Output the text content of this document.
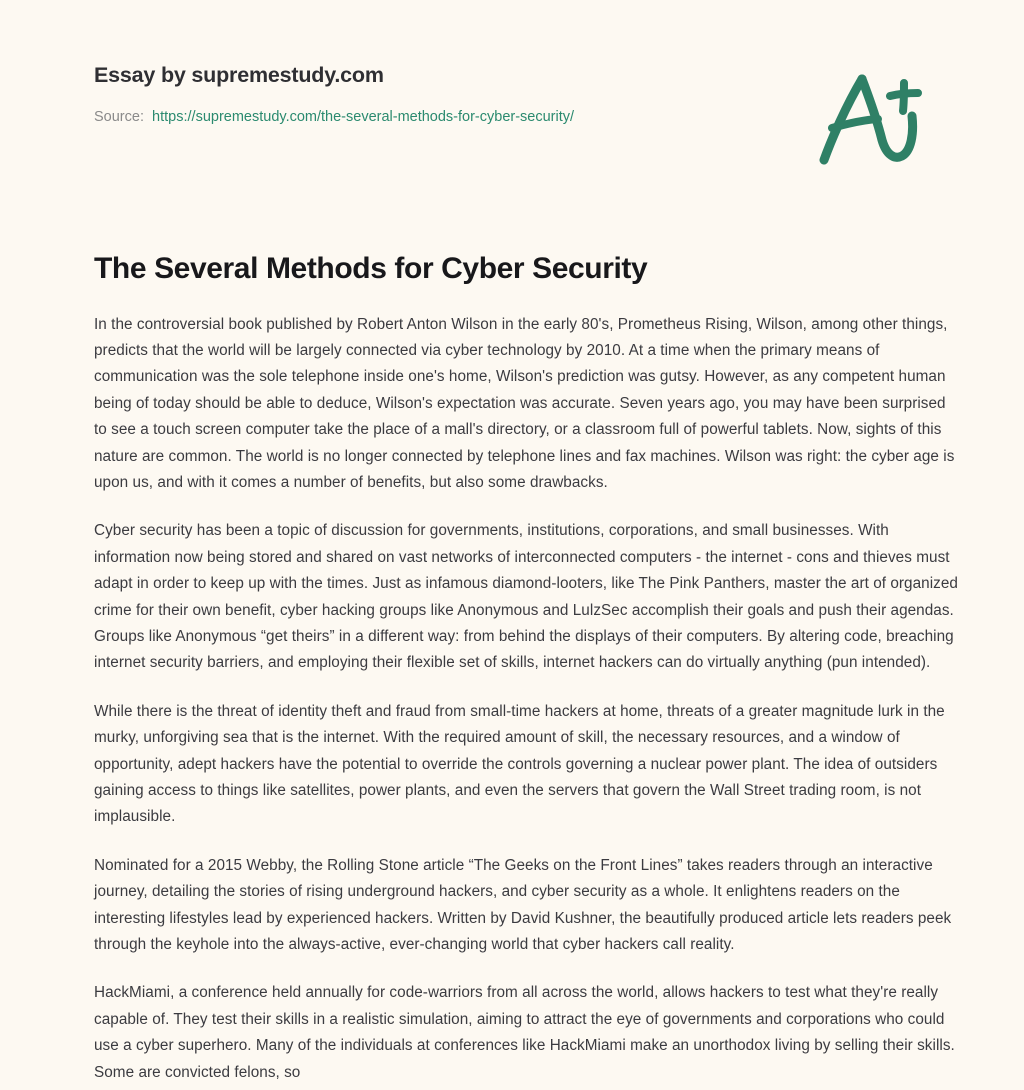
Essay by supremestudy.com
Source: https://supremestudy.com/the-several-methods-for-cyber-security/
The Several Methods for Cyber Security

In the controversial book published by Robert Anton Wilson in the early 80's, Prometheus Rising, Wilson, among other things, predicts that the world will be largely connected via cyber technology by 2010. At a time when the primary means of communication was the sole telephone inside one's home, Wilson's prediction was gutsy. However, as any competent human being of today should be able to deduce, Wilson's expectation was accurate. Seven years ago, you may have been surprised to see a touch screen computer take the place of a mall's directory, or a classroom full of powerful tablets. Now, sights of this nature are common. The world is no longer connected by telephone lines and fax machines. Wilson was right: the cyber age is upon us, and with it comes a number of benefits, but also some drawbacks.

Cyber security has been a topic of discussion for governments, institutions, corporations, and small businesses. With information now being stored and shared on vast networks of interconnected computers - the internet - cons and thieves must adapt in order to keep up with the times. Just as infamous diamond-looters, like The Pink Panthers, master the art of organized crime for their own benefit, cyber hacking groups like Anonymous and LulzSec accomplish their goals and push their agendas. Groups like Anonymous “get theirs” in a different way: from behind the displays of their computers. By altering code, breaching internet security barriers, and employing their flexible set of skills, internet hackers can do virtually anything (pun intended).

While there is the threat of identity theft and fraud from small-time hackers at home, threats of a greater magnitude lurk in the murky, unforgiving sea that is the internet. With the required amount of skill, the necessary resources, and a window of opportunity, adept hackers have the potential to override the controls governing a nuclear power plant. The idea of outsiders gaining access to things like satellites, power plants, and even the servers that govern the Wall Street trading room, is not implausible.

Nominated for a 2015 Webby, the Rolling Stone article “The Geeks on the Front Lines” takes readers through an interactive journey, detailing the stories of rising underground hackers, and cyber security as a whole. It enlightens readers on the interesting lifestyles lead by experienced hackers. Written by David Kushner, the beautifully produced article lets readers peek through the keyhole into the always-active, ever-changing world that cyber hackers call reality.

HackMiami, a conference held annually for code-warriors from all across the world, allows hackers to test what they're really capable of. They test their skills in a realistic simulation, aiming to attract the eye of governments and corporations who could use a cyber superhero. Many of the individuals at conferences like HackMiami make an unorthodox living by selling their skills. Some are convicted felons, so
